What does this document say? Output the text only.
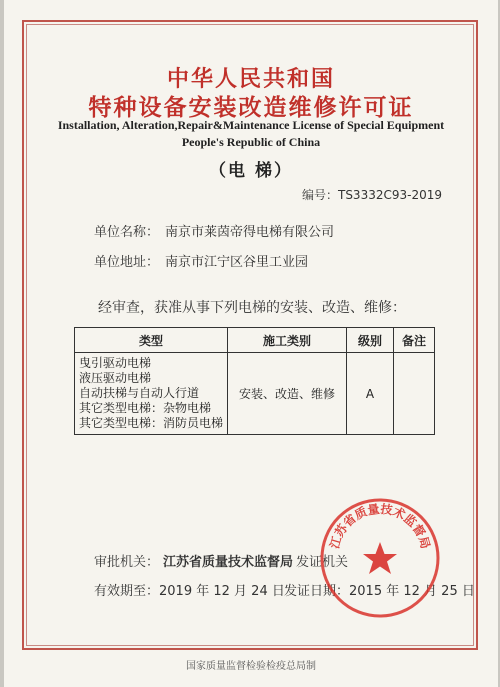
中华人民共和国
特种设备安装改造维修许可证
Installation, Alteration,Repair&Maintenance License of Special Equipment
People's Republic of China
（电 梯）
编号：TS3332C93-2019
单位名称： 南京市莱茵帝得电梯有限公司
单位地址： 南京市江宁区谷里工业园
经审查，获准从事下列电梯的安装、改造、维修：
类型	施工类别	级别	备注

曳引驱动电梯
液压驱动电梯
自动扶梯与自动人行道
其它类型电梯：杂物电梯
其它类型电梯：消防员电梯	安装、改造、维修	A	
审批机关： 江苏省质量技术监督局 发证机关
有效期至：2019 年 12 月 24 日 发证日期：2015 年 12 月 25 日
江苏省质量技术监督局
国家质量监督检验检疫总局制
